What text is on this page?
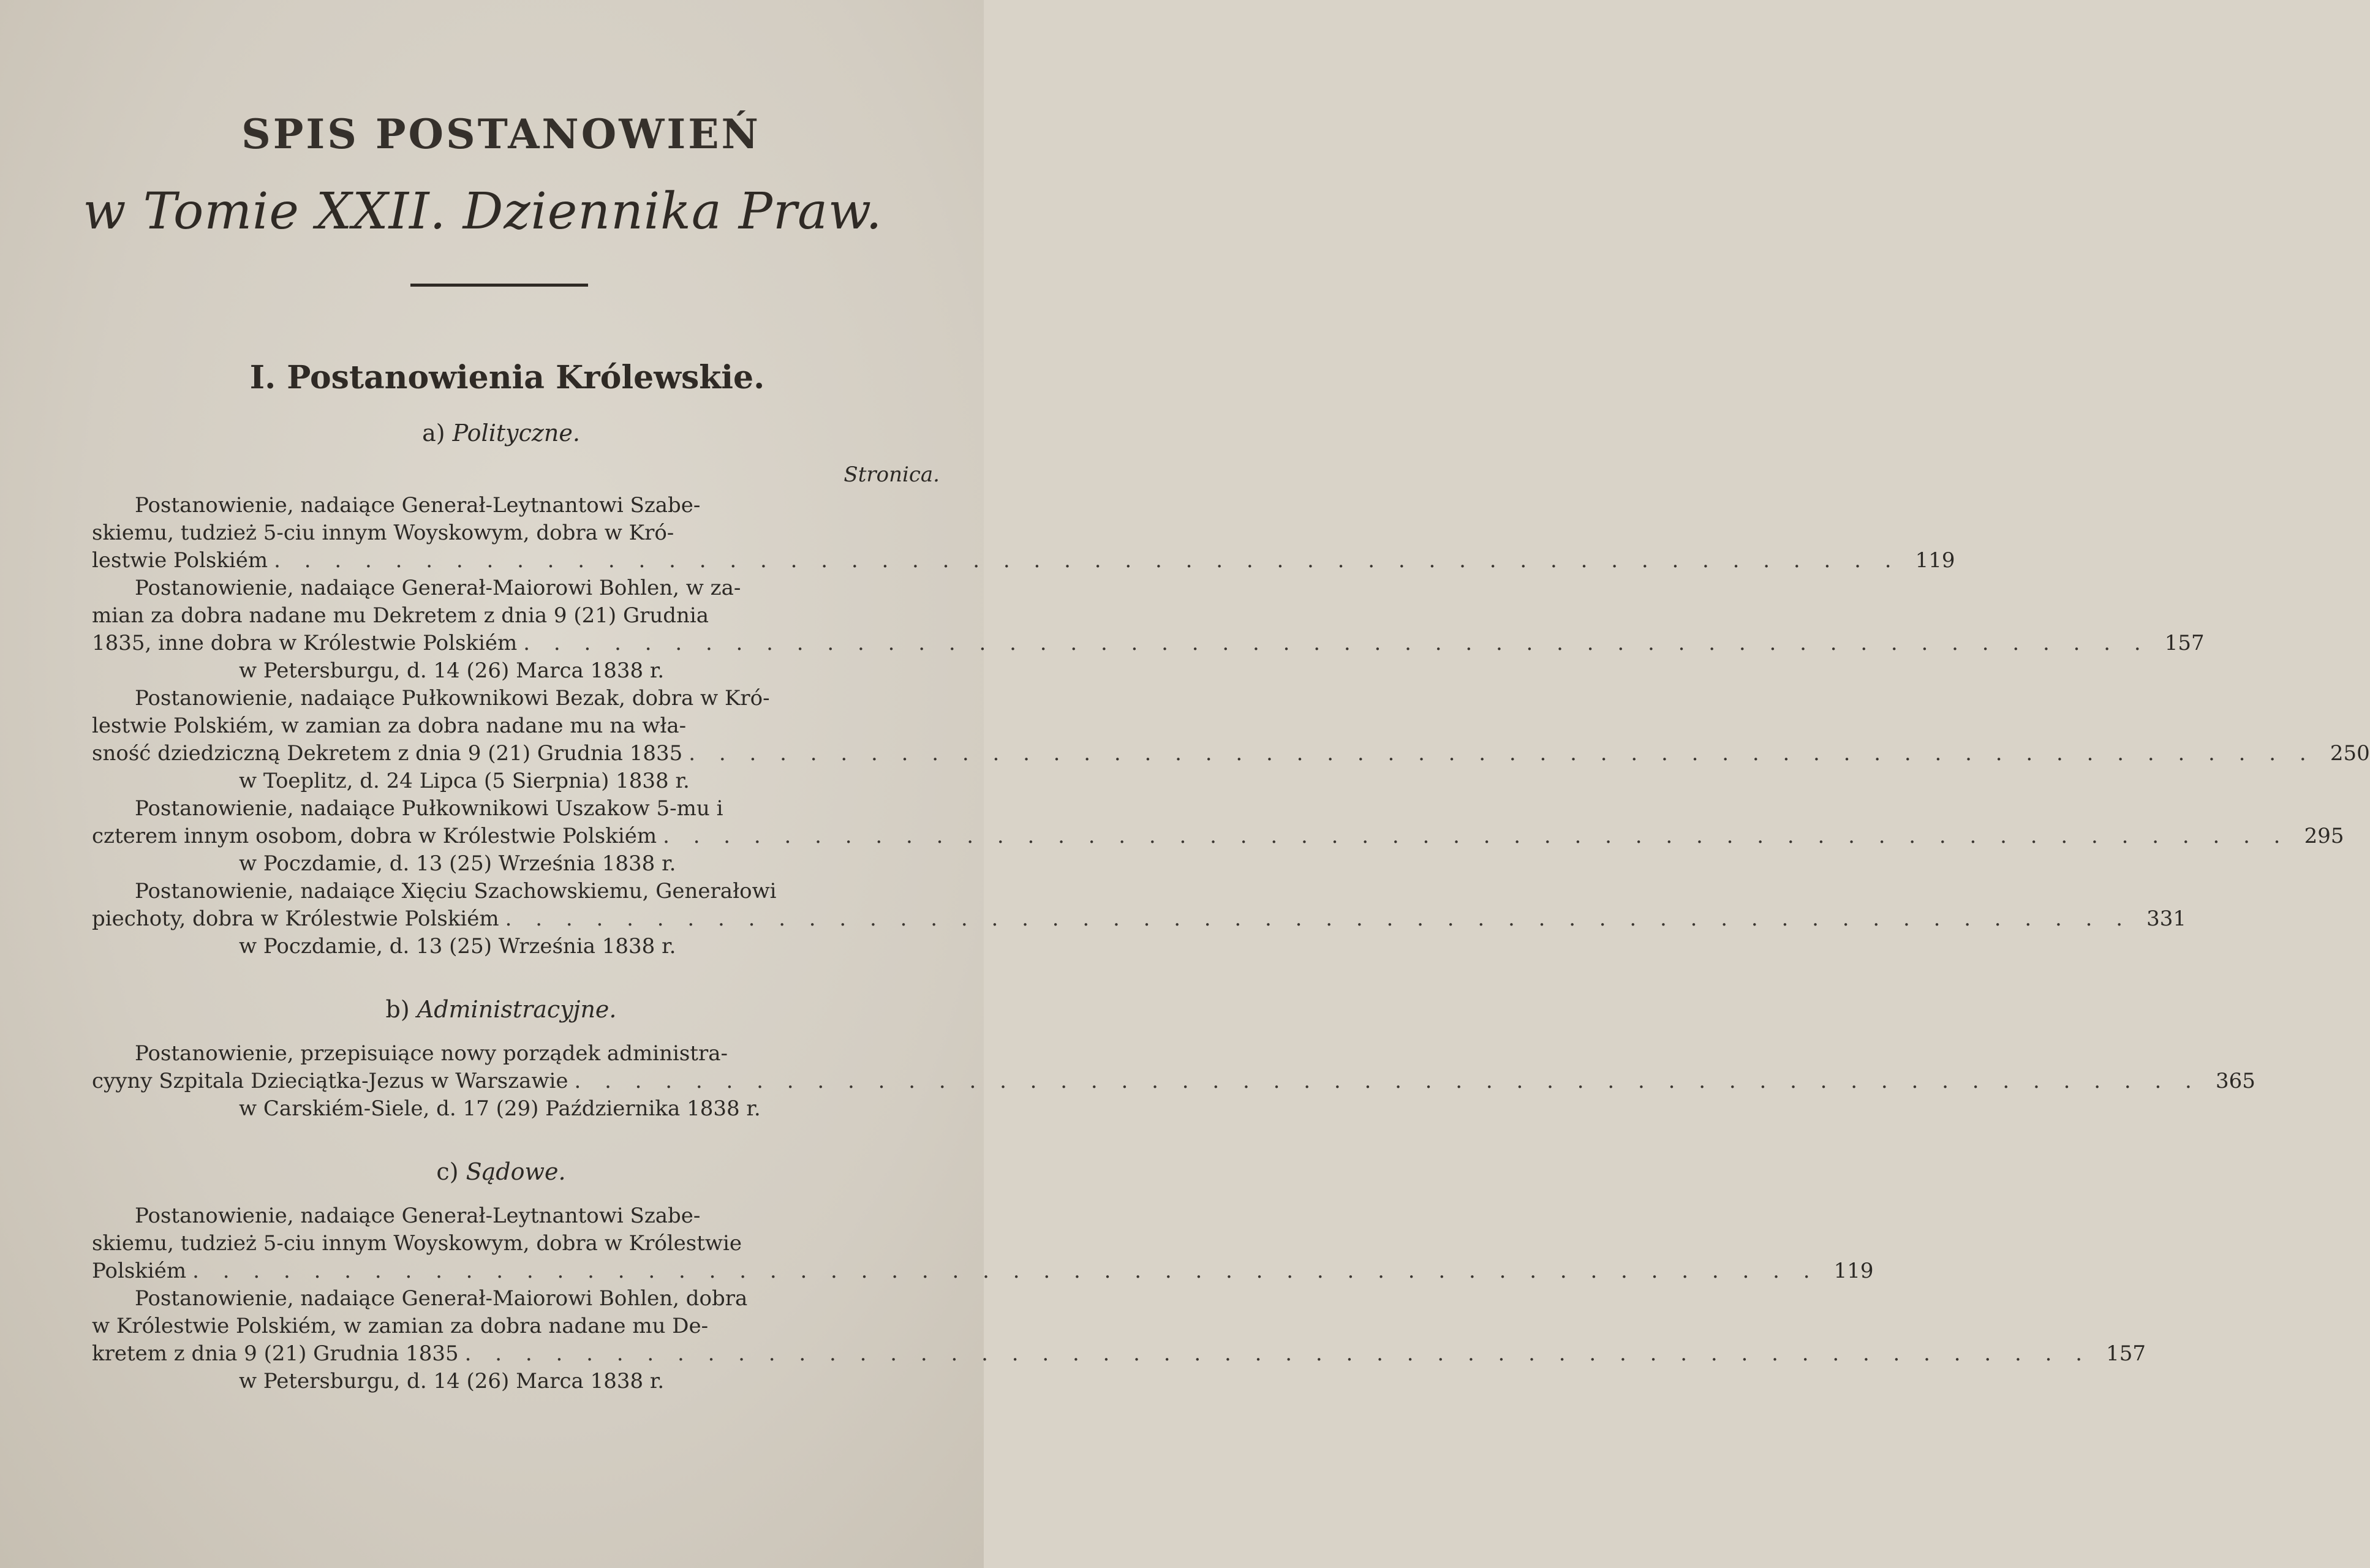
SPIS POSTANOWIEŃ
w Tomie XXII. Dziennika Praw.
I. Postanowienia Królewskie.
a) Polityczne.
Stronica.
Postanowienie, nadaiące Generał-Leytnantowi Szabe-
skiemu, tudzież 5-ciu innym Woyskowym, dobra w Kró-
lestwie Polskiém . . . . . . . . . . . . . . . . . . . . . . . . . . . . . . . . . . . . . . . . . . . . . . . . . . . . . . 119
Postanowienie, nadaiące Generał-Maiorowi Bohlen, w za-
mian za dobra nadane mu Dekretem z dnia 9 (21) Grudnia
1835, inne dobra w Królestwie Polskiém . . . . . . . . . . . . . . . . . . . . . . . . . . . . . . . . . . . . . . . . . . . . . . . . . . . . . . 157
w Petersburgu, d. 14 (26) Marca 1838 r.
Postanowienie, nadaiące Pułkownikowi Bezak, dobra w Kró-
lestwie Polskiém, w zamian za dobra nadane mu na wła-
sność dziedziczną Dekretem z dnia 9 (21) Grudnia 1835 . . . . . . . . . . . . . . . . . . . . . . . . . . . . . . . . . . . . . . . . . . . . . . . . . . . . . . 250
w Toeplitz, d. 24 Lipca (5 Sierpnia) 1838 r.
Postanowienie, nadaiące Pułkownikowi Uszakow 5-mu i
czterem innym osobom, dobra w Królestwie Polskiém . . . . . . . . . . . . . . . . . . . . . . . . . . . . . . . . . . . . . . . . . . . . . . . . . . . . . . 295
w Poczdamie, d. 13 (25) Września 1838 r.
Postanowienie, nadaiące Xięciu Szachowskiemu, Generałowi
piechoty, dobra w Królestwie Polskiém . . . . . . . . . . . . . . . . . . . . . . . . . . . . . . . . . . . . . . . . . . . . . . . . . . . . . . 331
w Poczdamie, d. 13 (25) Września 1838 r.
b) Administracyjne.
Postanowienie, przepisuiące nowy porządek administra-
cyyny Szpitala Dzieciątka-Jezus w Warszawie . . . . . . . . . . . . . . . . . . . . . . . . . . . . . . . . . . . . . . . . . . . . . . . . . . . . . . 365
w Carskiém-Siele, d. 17 (29) Października 1838 r.
c) Sądowe.
Postanowienie, nadaiące Generał-Leytnantowi Szabe-
skiemu, tudzież 5-ciu innym Woyskowym, dobra w Królestwie
Polskiém . . . . . . . . . . . . . . . . . . . . . . . . . . . . . . . . . . . . . . . . . . . . . . . . . . . . . . 119
Postanowienie, nadaiące Generał-Maiorowi Bohlen, dobra
w Królestwie Polskiém, w zamian za dobra nadane mu De-
kretem z dnia 9 (21) Grudnia 1835 . . . . . . . . . . . . . . . . . . . . . . . . . . . . . . . . . . . . . . . . . . . . . . . . . . . . . . 157
w Petersburgu, d. 14 (26) Marca 1838 r.
